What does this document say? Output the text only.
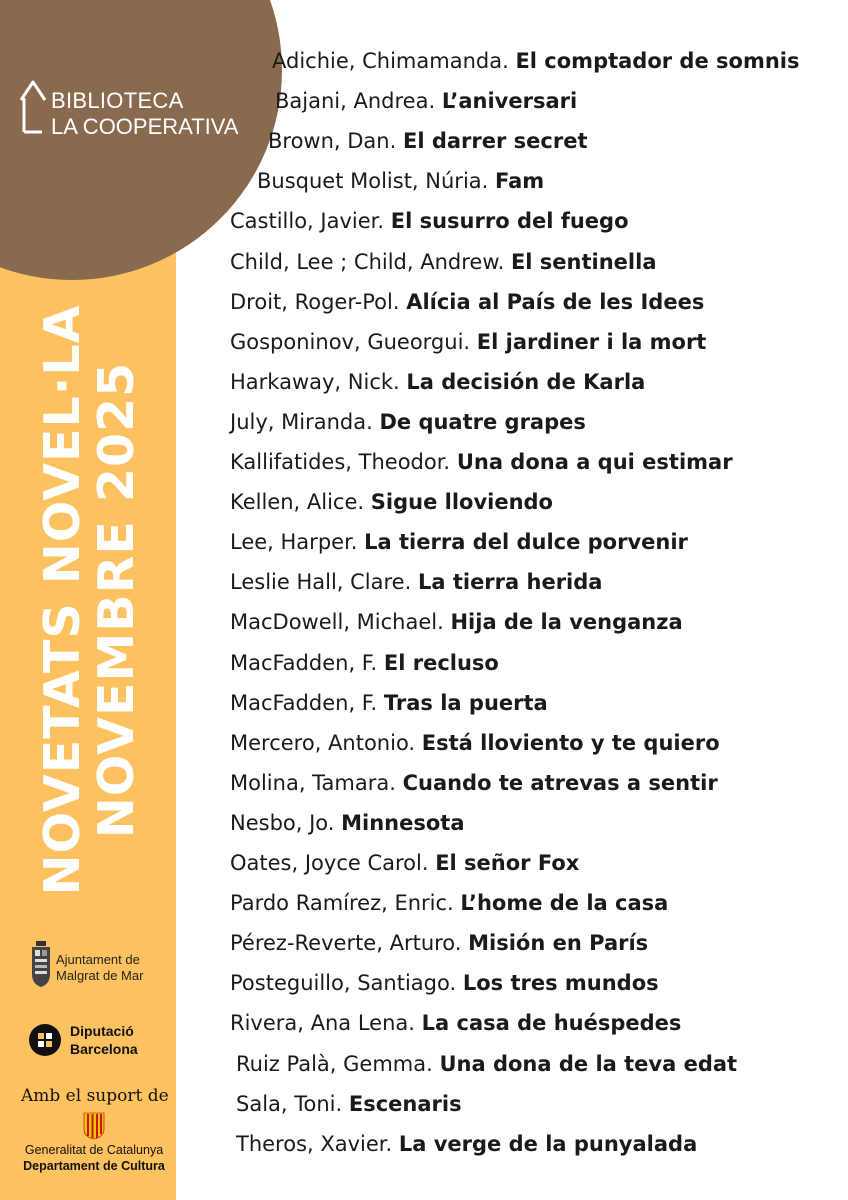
BIBLIOTECA
LA COOPERATIVA
NOVETATS NOVEL·LA
NOVEMBRE 2025
Ajuntament de
Malgrat de Mar
Diputació
Barcelona
Amb el suport de
Generalitat de Catalunya
Departament de Cultura
Adichie, Chimamanda. El comptador de somnis
Bajani, Andrea. L’aniversari
Brown, Dan. El darrer secret
Busquet Molist, Núria. Fam
Castillo, Javier. El susurro del fuego
Child, Lee ; Child, Andrew. El sentinella
Droit, Roger-Pol. Alícia al País de les Idees
Gosponinov, Gueorgui. El jardiner i la mort
Harkaway, Nick. La decisión de Karla
July, Miranda. De quatre grapes
Kallifatides, Theodor. Una dona a qui estimar
Kellen, Alice. Sigue lloviendo
Lee, Harper. La tierra del dulce porvenir
Leslie Hall, Clare. La tierra herida
MacDowell, Michael. Hija de la venganza
MacFadden, F. El recluso
MacFadden, F. Tras la puerta
Mercero, Antonio. Está lloviento y te quiero
Molina, Tamara. Cuando te atrevas a sentir
Nesbo, Jo. Minnesota
Oates, Joyce Carol. El señor Fox
Pardo Ramírez, Enric. L’home de la casa
Pérez-Reverte, Arturo. Misión en París
Posteguillo, Santiago. Los tres mundos
Rivera, Ana Lena. La casa de huéspedes
Ruiz Palà, Gemma. Una dona de la teva edat
Sala, Toni. Escenaris
Theros, Xavier. La verge de la punyalada
